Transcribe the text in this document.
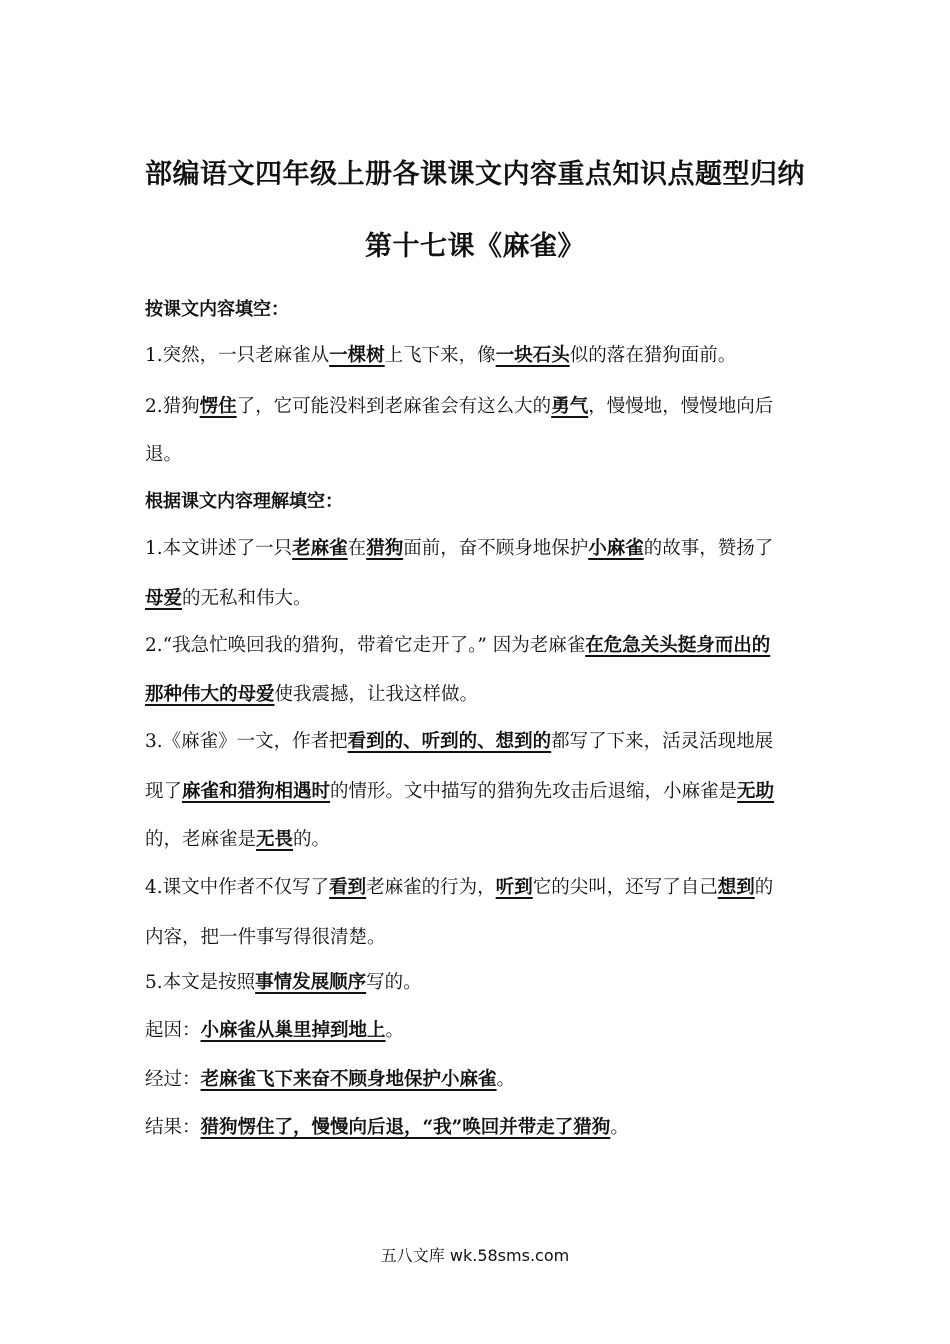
部编语文四年级上册各课课文内容重点知识点题型归纳
第十七课《麻雀》
按课文内容填空：
根据课文内容理解填空：
1.突然，一只老麻雀从一棵树上飞下来，像一块石头似的落在猎狗面前。
2.猎狗愣住了，它可能没料到老麻雀会有这么大的勇气，慢慢地，慢慢地向后
退。
1.本文讲述了一只老麻雀在猎狗面前，奋不顾身地保护小麻雀的故事，赞扬了
母爱的无私和伟大。
2.“我急忙唤回我的猎狗，带着它走开了。” 因为老麻雀在危急关头挺身而出的
那种伟大的母爱使我震撼，让我这样做。
3.《麻雀》一文，作者把看到的、听到的、想到的都写了下来，活灵活现地展
现了麻雀和猎狗相遇时的情形。文中描写的猎狗先攻击后退缩，小麻雀是无助
的，老麻雀是无畏的。
4.课文中作者不仅写了看到老麻雀的行为，听到它的尖叫，还写了自己想到的
内容，把一件事写得很清楚。
5.本文是按照事情发展顺序写的。
起因：小麻雀从巢里掉到地上。
经过：老麻雀飞下来奋不顾身地保护小麻雀。
结果：猎狗愣住了，慢慢向后退，“我”唤回并带走了猎狗。
五八文库 wk.58sms.com
